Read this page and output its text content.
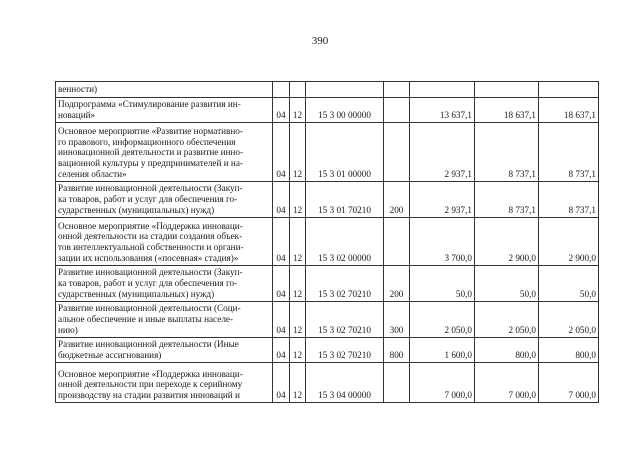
390
венности)							
Подпрограмма «Стимулирование развития ин-
новаций»	04	12	15 3 00 00000		13 637,1	18 637,1	18 637,1
Основное мероприятие «Развитие нормативно-
го правового, информационного обеспечения
инновационной деятельности и развитие инно-
вационной культуры у предпринимателей и на-
селения области»	04	12	15 3 01 00000		2 937,1	8 737,1	8 737,1
Развитие инновационной деятельности (Закуп-
ка товаров, работ и услуг для обеспечения го-
сударственных (муниципальных) нужд)	04	12	15 3 01 70210	200	2 937,1	8 737,1	8 737,1
Основное мероприятие «Поддержка инноваци-
онной деятельности на стадии создания объек-
тов интеллектуальной собственности и органи-
зации их использования («посевная» стадия)»	04	12	15 3 02 00000		3 700,0	2 900,0	2 900,0
Развитие инновационной деятельности (Закуп-
ка товаров, работ и услуг для обеспечения го-
сударственных (муниципальных) нужд)	04	12	15 3 02 70210	200	50,0	50,0	50,0
Развитие инновационной деятельности (Соци-
альное обеспечение и иные выплаты населе-
нию)	04	12	15 3 02 70210	300	2 050,0	2 050,0	2 050,0
Развитие инновационной деятельности (Иные
бюджетные ассигнования)	04	12	15 3 02 70210	800	1 600,0	800,0	800,0
Основное мероприятие «Поддержка инноваци-
онной деятельности при переходе к серийному
производству на стадии развития инноваций и	04	12	15 3 04 00000		7 000,0	7 000,0	7 000,0
